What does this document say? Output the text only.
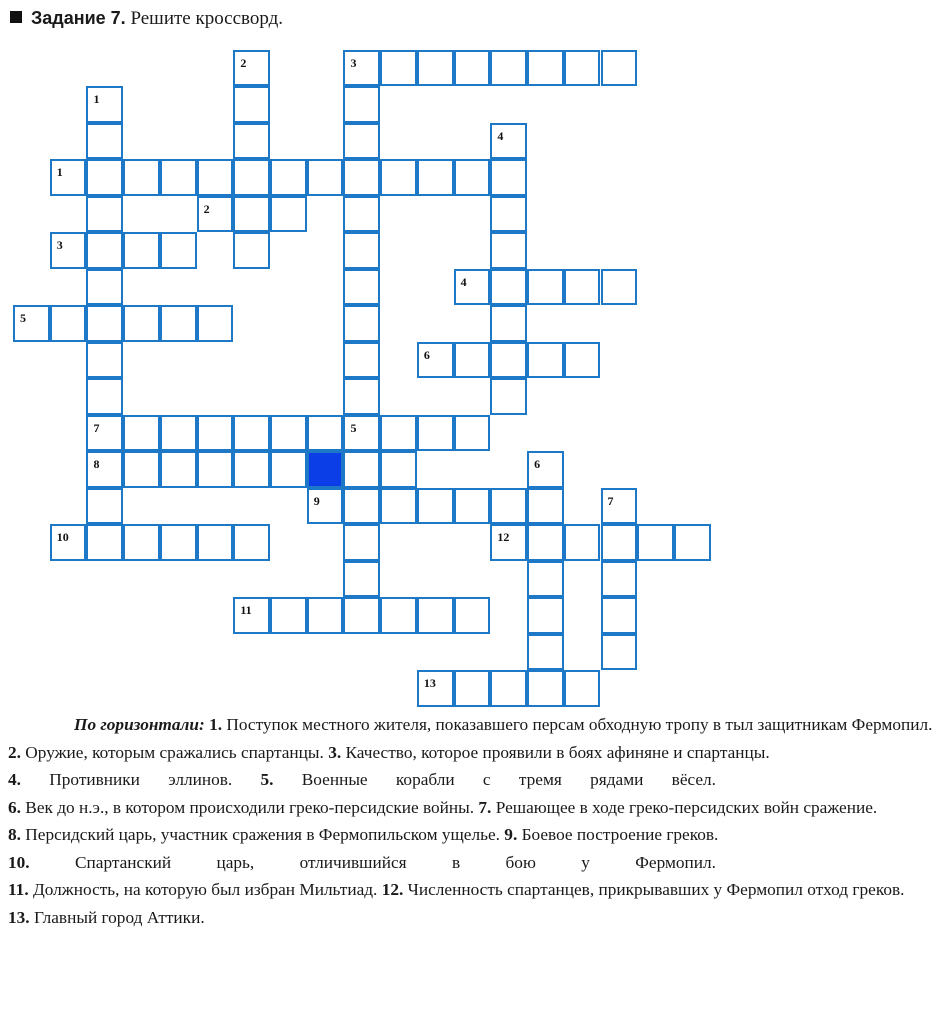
Задание 7. Решите кроссворд.
1
2
3
4
5
6
7	5
8
9
10	12
11
13
1
2	3
4
6
7
По горизонтали: 1. Поступок местного жителя, показавшего персам обходную тропу в тыл защитникам Фермопил.
2. Оружие, которым сражались спартанцы. 3. Качество, которое проявили в боях афиняне и спартанцы.
4. Противники эллинов. 5. Военные корабли с тремя рядами вёсел.
6. Век до н.э., в котором происходили греко-персидские войны. 7. Решающее в ходе греко-персидских войн сражение.
8. Персидский царь, участник сражения в Фермопильском ущелье. 9. Боевое построение греков.
10.	Спартанский царь, отличившийся в бою у Фермопил.
11. Должность, на которую был избран Мильтиад. 12. Численность спартанцев, прикрывавших у Фермопил отход греков.
13. Главный город Аттики.
